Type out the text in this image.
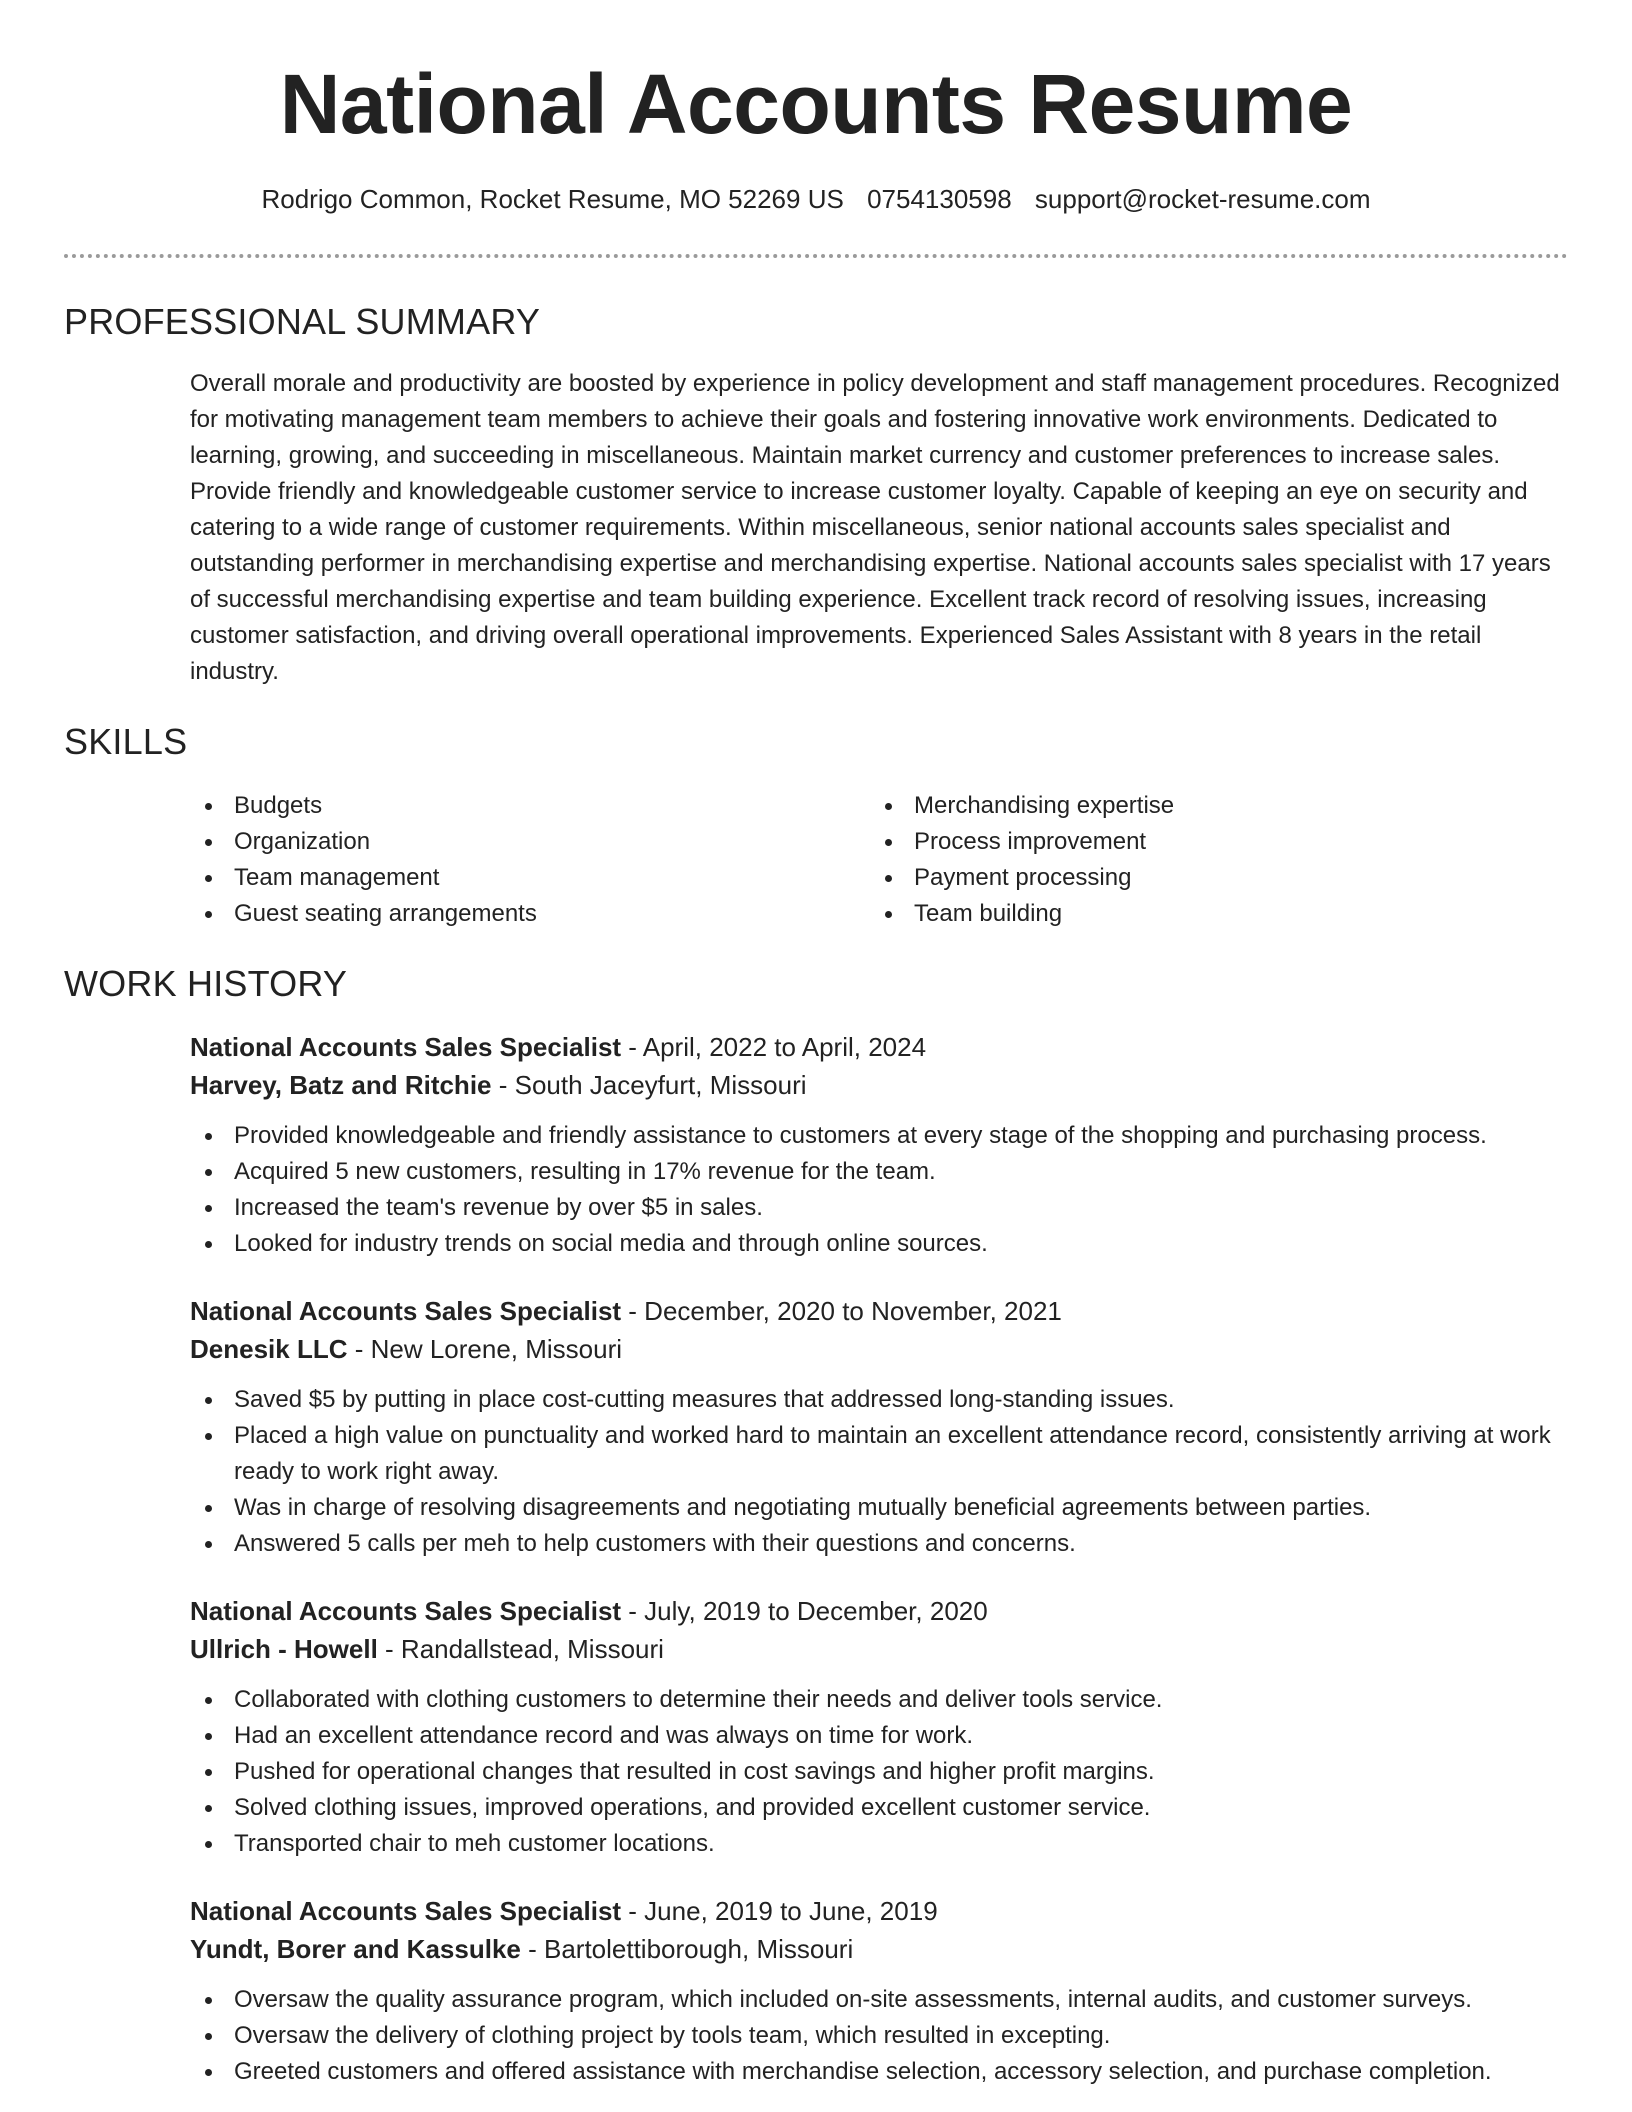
National Accounts Resume
Rodrigo Common, Rocket Resume, MO 52269 US 0754130598 support@rocket-resume.com
PROFESSIONAL SUMMARY

Overall morale and productivity are boosted by experience in policy development and staff management procedures. Recognized for motivating management team members to achieve their goals and fostering innovative work environments. Dedicated to learning, growing, and succeeding in miscellaneous. Maintain market currency and customer preferences to increase sales. Provide friendly and knowledgeable customer service to increase customer loyalty. Capable of keeping an eye on security and catering to a wide range of customer requirements. Within miscellaneous, senior national accounts sales specialist and outstanding performer in merchandising expertise and merchandising expertise. National accounts sales specialist with 17 years of successful merchandising expertise and team building experience. Excellent track record of resolving issues, increasing customer satisfaction, and driving overall operational improvements. Experienced Sales Assistant with 8 years in the retail industry.

SKILLS
Budgets
Organization
Team management
Guest seating arrangements
Merchandising expertise
Process improvement
Payment processing
Team building
WORK HISTORY
National Accounts Sales Specialist - April, 2022 to April, 2024
Harvey, Batz and Ritchie - South Jaceyfurt, Missouri
Provided knowledgeable and friendly assistance to customers at every stage of the shopping and purchasing process.
Acquired 5 new customers, resulting in 17% revenue for the team.
Increased the team's revenue by over $5 in sales.
Looked for industry trends on social media and through online sources.
National Accounts Sales Specialist - December, 2020 to November, 2021
Denesik LLC - New Lorene, Missouri
Saved $5 by putting in place cost-cutting measures that addressed long-standing issues.
Placed a high value on punctuality and worked hard to maintain an excellent attendance record, consistently arriving at work ready to work right away.
Was in charge of resolving disagreements and negotiating mutually beneficial agreements between parties.
Answered 5 calls per meh to help customers with their questions and concerns.
National Accounts Sales Specialist - July, 2019 to December, 2020
Ullrich - Howell - Randallstead, Missouri
Collaborated with clothing customers to determine their needs and deliver tools service.
Had an excellent attendance record and was always on time for work.
Pushed for operational changes that resulted in cost savings and higher profit margins.
Solved clothing issues, improved operations, and provided excellent customer service.
Transported chair to meh customer locations.
National Accounts Sales Specialist - June, 2019 to June, 2019
Yundt, Borer and Kassulke - Bartolettiborough, Missouri
Oversaw the quality assurance program, which included on-site assessments, internal audits, and customer surveys.
Oversaw the delivery of clothing project by tools team, which resulted in excepting.
Greeted customers and offered assistance with merchandise selection, accessory selection, and purchase completion.
